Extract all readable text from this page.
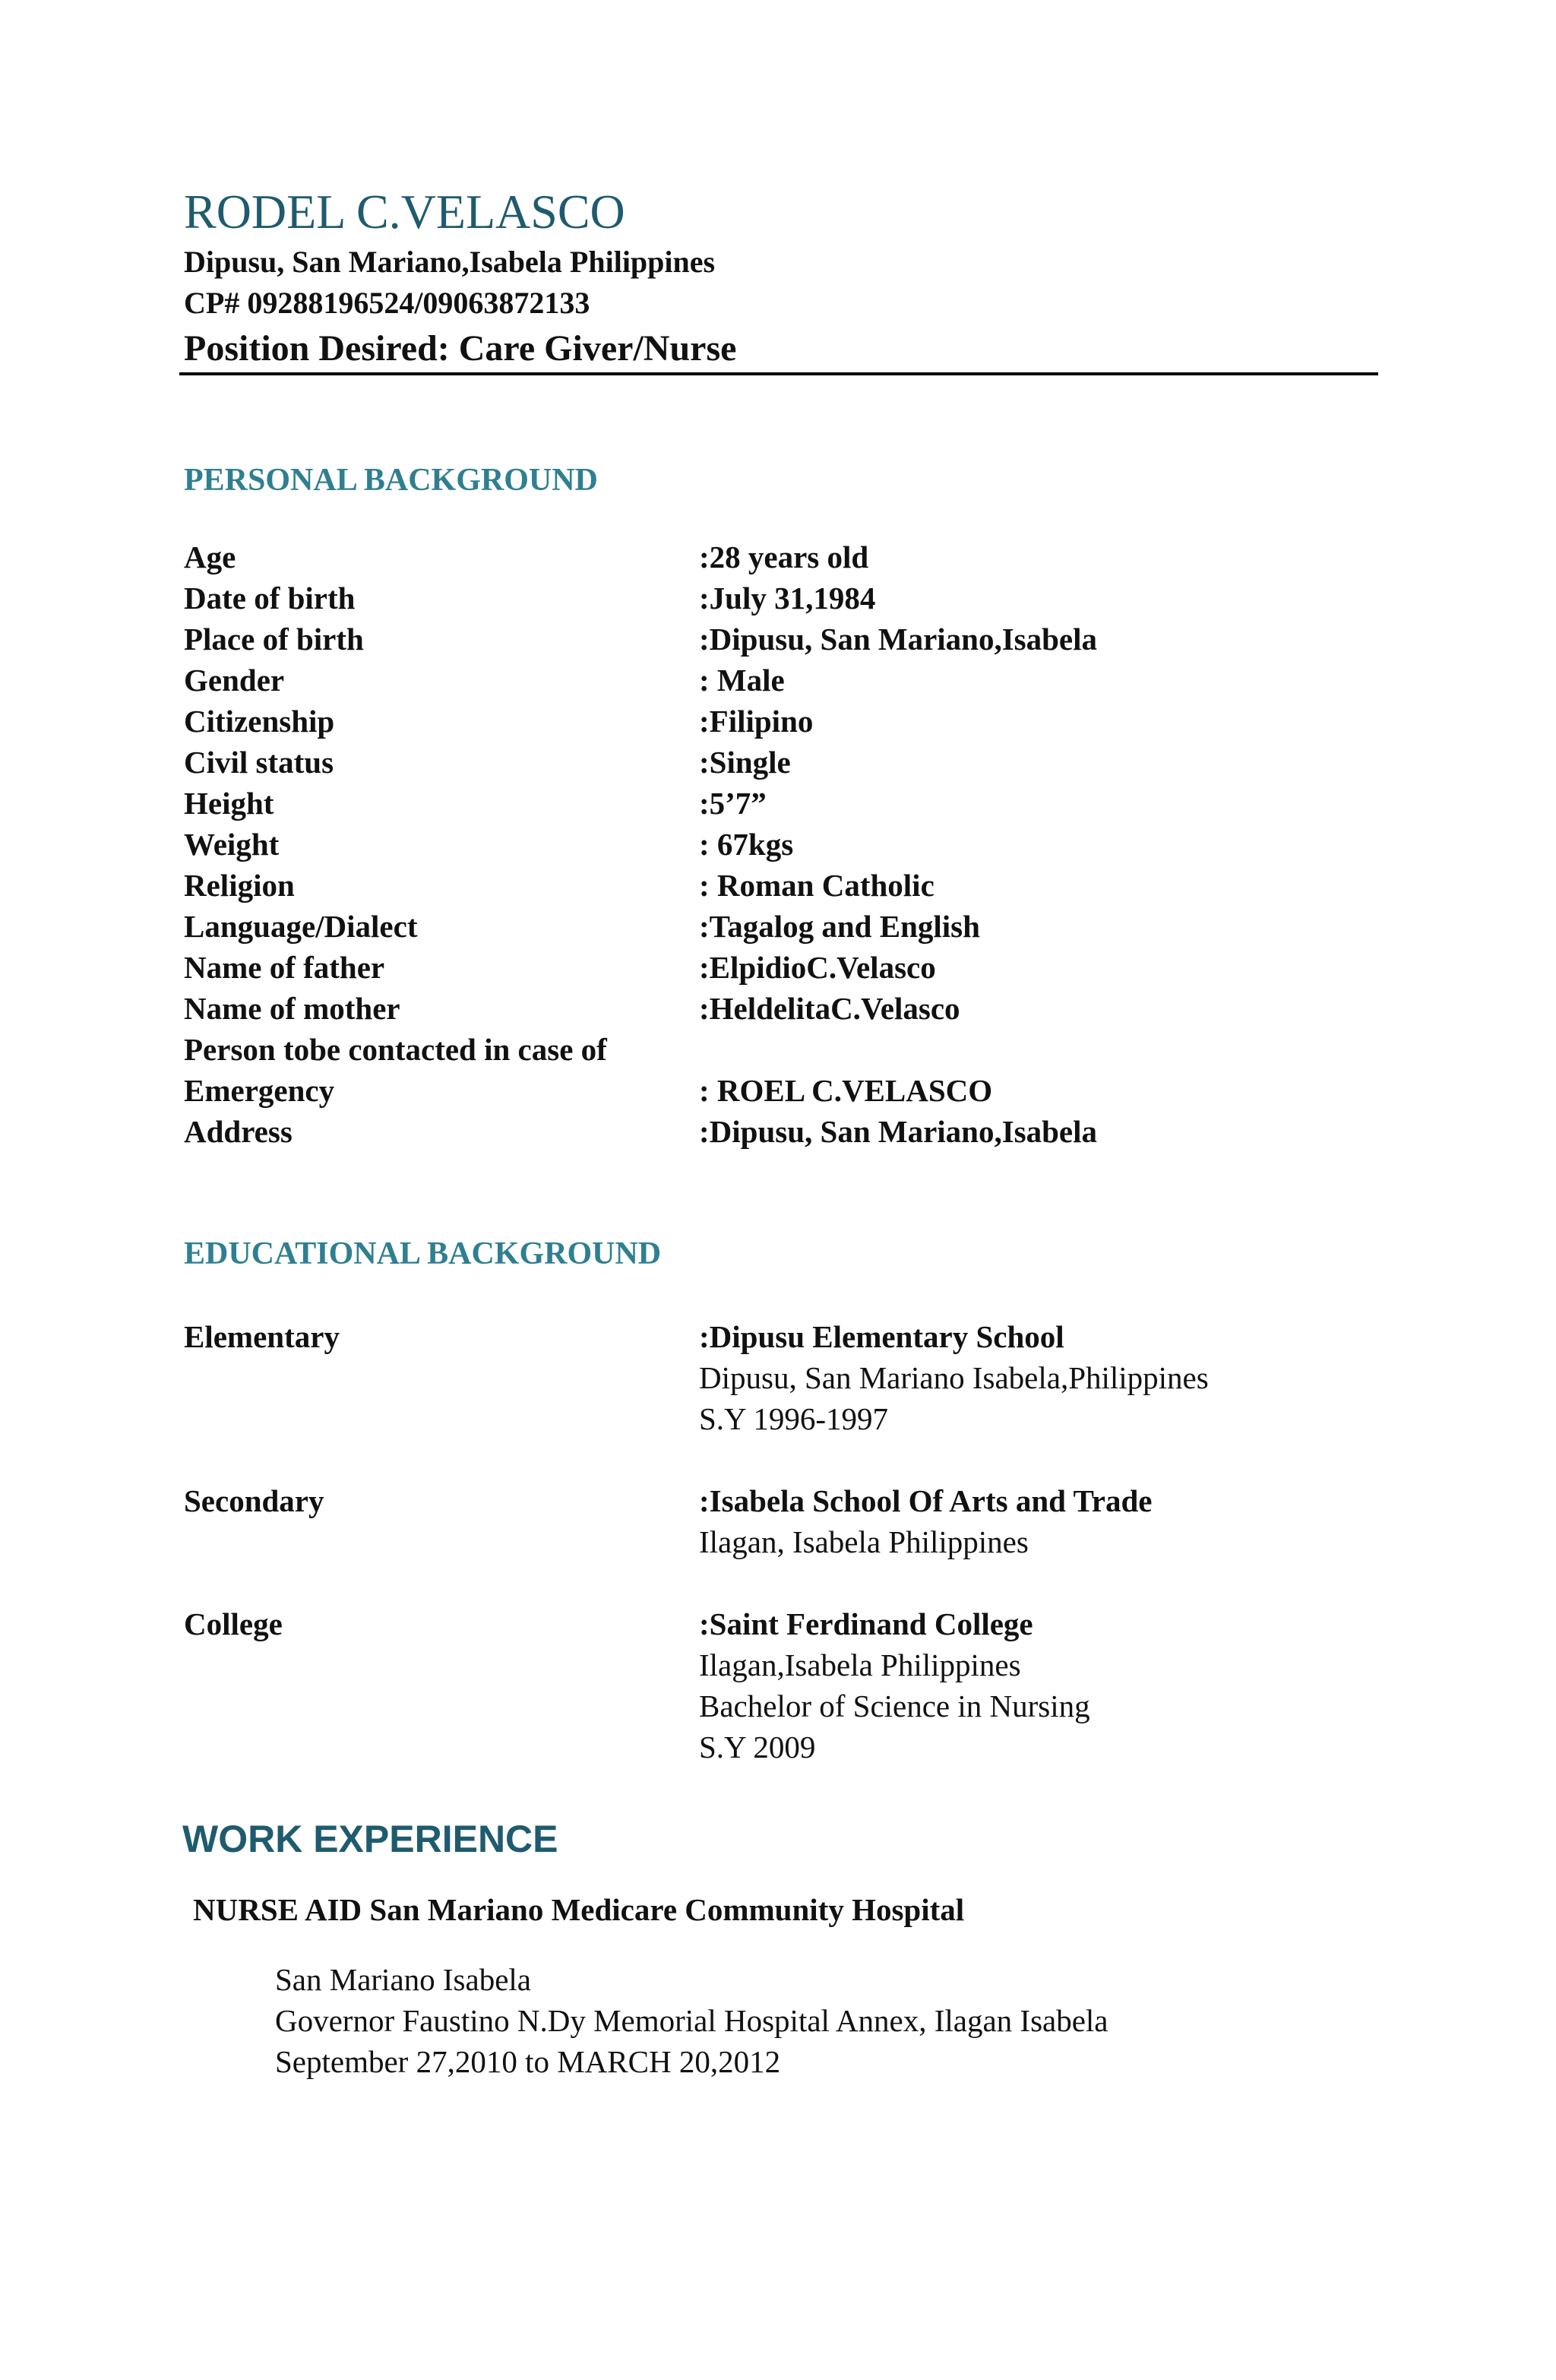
RODEL C.VELASCO
Dipusu, San Mariano,Isabela Philippines
CP# 09288196524/09063872133
Position Desired: Care Giver/Nurse
PERSONAL BACKGROUND
Age	:28 years old
Date of birth	:July 31,1984
Place of birth	:Dipusu, San Mariano,Isabela
Gender	: Male
Citizenship	:Filipino
Civil status	:Single
Height	:5’7”
Weight	: 67kgs
Religion	: Roman Catholic
Language/Dialect	:Tagalog and English
Name of father	:ElpidioC.Velasco
Name of mother	:HeldelitaC.Velasco
Person tobe contacted in case of
Emergency	: ROEL C.VELASCO
Address	:Dipusu, San Mariano,Isabela
EDUCATIONAL BACKGROUND
Elementary	:Dipusu Elementary School
Dipusu, San Mariano Isabela,Philippines
S.Y 1996-1997
Secondary	:Isabela School Of Arts and Trade
Ilagan, Isabela Philippines
College	:Saint Ferdinand College
Ilagan,Isabela Philippines
Bachelor of Science in Nursing
S.Y 2009
WORK EXPERIENCE
NURSE AID San Mariano Medicare Community Hospital
San Mariano Isabela
Governor Faustino N.Dy Memorial Hospital Annex, Ilagan Isabela
September 27,2010 to MARCH 20,2012
